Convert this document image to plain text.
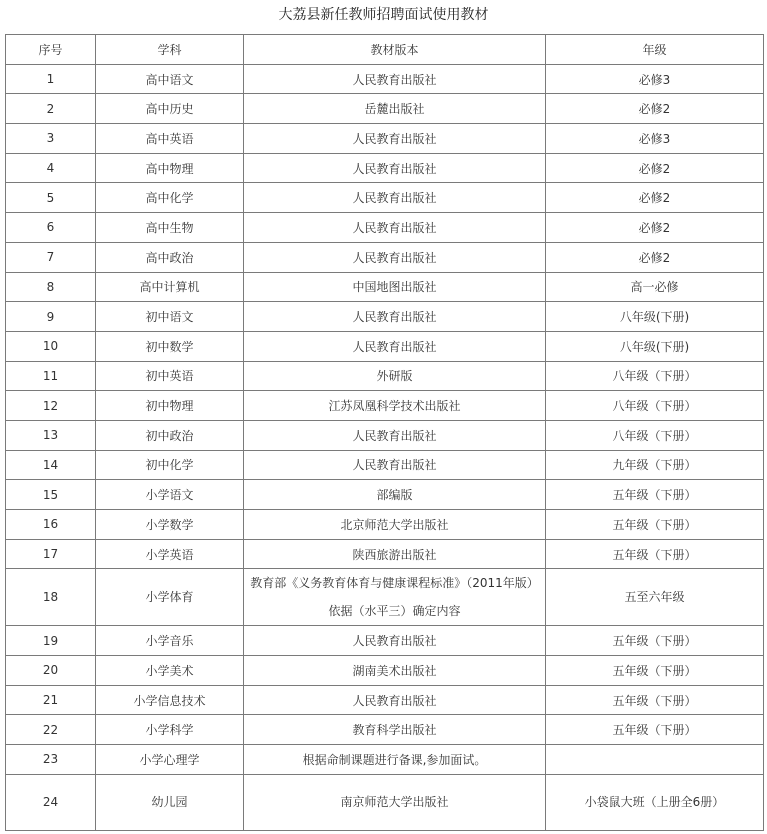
大荔县新任教师招聘面试使用教材
序号	学科	教材版本	年级
1	高中语文	人民教育出版社	必修3
2	高中历史	岳麓出版社	必修2
3	高中英语	人民教育出版社	必修3
4	高中物理	人民教育出版社	必修2
5	高中化学	人民教育出版社	必修2
6	高中生物	人民教育出版社	必修2
7	高中政治	人民教育出版社	必修2
8	高中计算机	中国地图出版社	高一必修
9	初中语文	人民教育出版社	八年级(下册)
10	初中数学	人民教育出版社	八年级(下册)
11	初中英语	外研版	八年级（下册）
12	初中物理	江苏凤凰科学技术出版社	八年级（下册）
13	初中政治	人民教育出版社	八年级（下册）
14	初中化学	人民教育出版社	九年级（下册）
15	小学语文	部编版	五年级（下册）
16	小学数学	北京师范大学出版社	五年级（下册）
17	小学英语	陕西旅游出版社	五年级（下册）
18	小学体育	教育部《义务教育体育与健康课程标准》（2011年版）依据（水平三）确定内容	五至六年级
19	小学音乐	人民教育出版社	五年级（下册）
20	小学美术	湖南美术出版社	五年级（下册）
21	小学信息技术	人民教育出版社	五年级（下册）
22	小学科学	教育科学出版社	五年级（下册）
23	小学心理学	根据命制课题进行备课,参加面试。	
24	幼儿园	南京师范大学出版社	小袋鼠大班（上册全6册）
